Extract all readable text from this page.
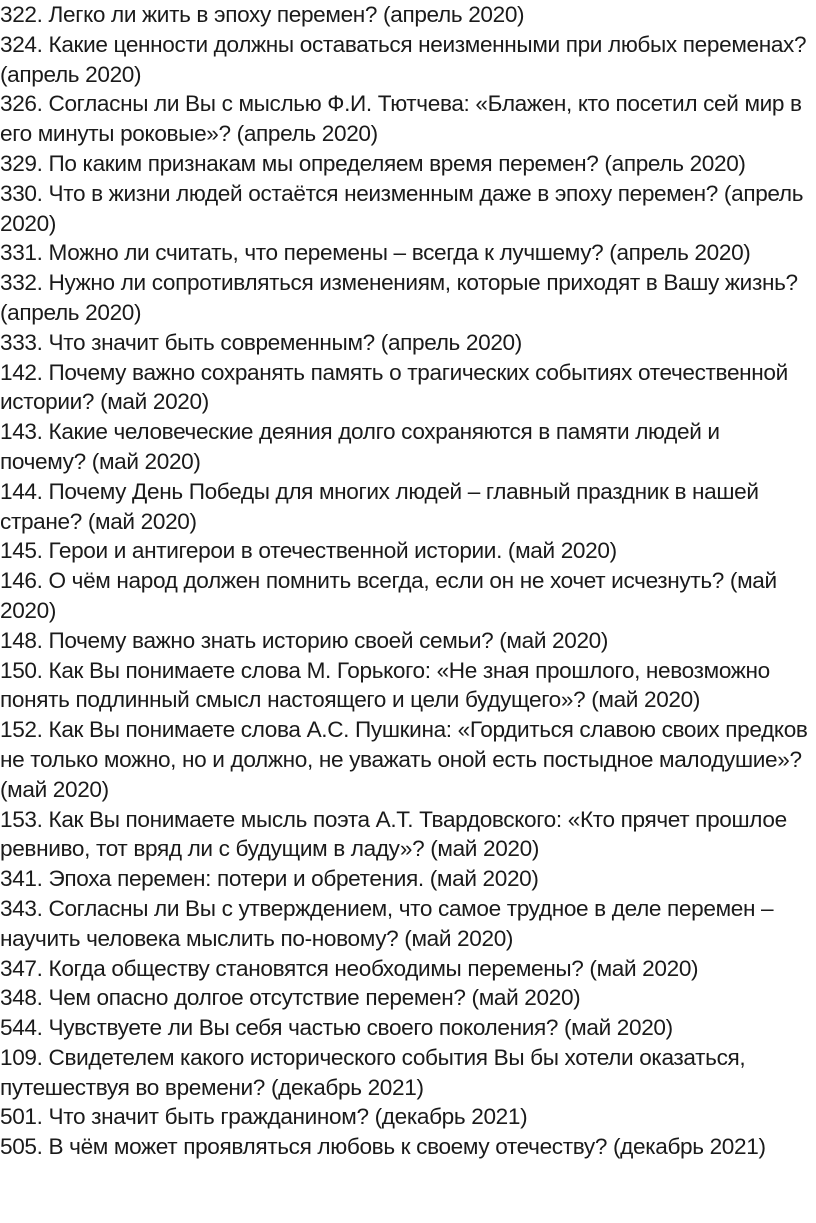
322. Легко ли жить в эпоху перемен? (апрель 2020)

324. Какие ценности должны оставаться неизменными при любых переменах? (апрель 2020)

326. Согласны ли Вы с мыслью Ф.И. Тютчева: «Блажен, кто посетил сей мир в его минуты роковые»? (апрель 2020)

329. По каким признакам мы определяем время перемен? (апрель 2020)

330. Что в жизни людей остаётся неизменным даже в эпоху перемен? (апрель 2020)

331. Можно ли считать, что перемены – всегда к лучшему? (апрель 2020)

332. Нужно ли сопротивляться изменениям, которые приходят в Вашу жизнь? (апрель 2020)

333. Что значит быть современным? (апрель 2020)

142. Почему важно сохранять память о трагических событиях отечественной истории? (май 2020)

143. Какие человеческие деяния долго сохраняются в памяти людей и почему? (май 2020)

144. Почему День Победы для многих людей – главный праздник в нашей стране? (май 2020)

145. Герои и антигерои в отечественной истории. (май 2020)

146. О чём народ должен помнить всегда, если он не хочет исчезнуть? (май 2020)

148. Почему важно знать историю своей семьи? (май 2020)

150. Как Вы понимаете слова М. Горького: «Не зная прошлого, невозможно понять подлинный смысл настоящего и цели будущего»? (май 2020)

152. Как Вы понимаете слова А.С. Пушкина: «Гордиться славою своих предков не только можно, но и должно, не уважать оной есть постыдное малодушие»? (май 2020)

153. Как Вы понимаете мысль поэта А.Т. Твардовского: «Кто прячет прошлое ревниво, тот вряд ли с будущим в ладу»? (май 2020)

341. Эпоха перемен: потери и обретения. (май 2020)

343. Согласны ли Вы с утверждением, что самое трудное в деле перемен – научить человека мыслить по-новому? (май 2020)

347. Когда обществу становятся необходимы перемены? (май 2020)

348. Чем опасно долгое отсутствие перемен? (май 2020)

544. Чувствуете ли Вы себя частью своего поколения? (май 2020)

109. Свидетелем какого исторического события Вы бы хотели оказаться, путешествуя во времени? (декабрь 2021)

501. Что значит быть гражданином? (декабрь 2021)

505. В чём может проявляться любовь к своему отечеству? (декабрь 2021)
